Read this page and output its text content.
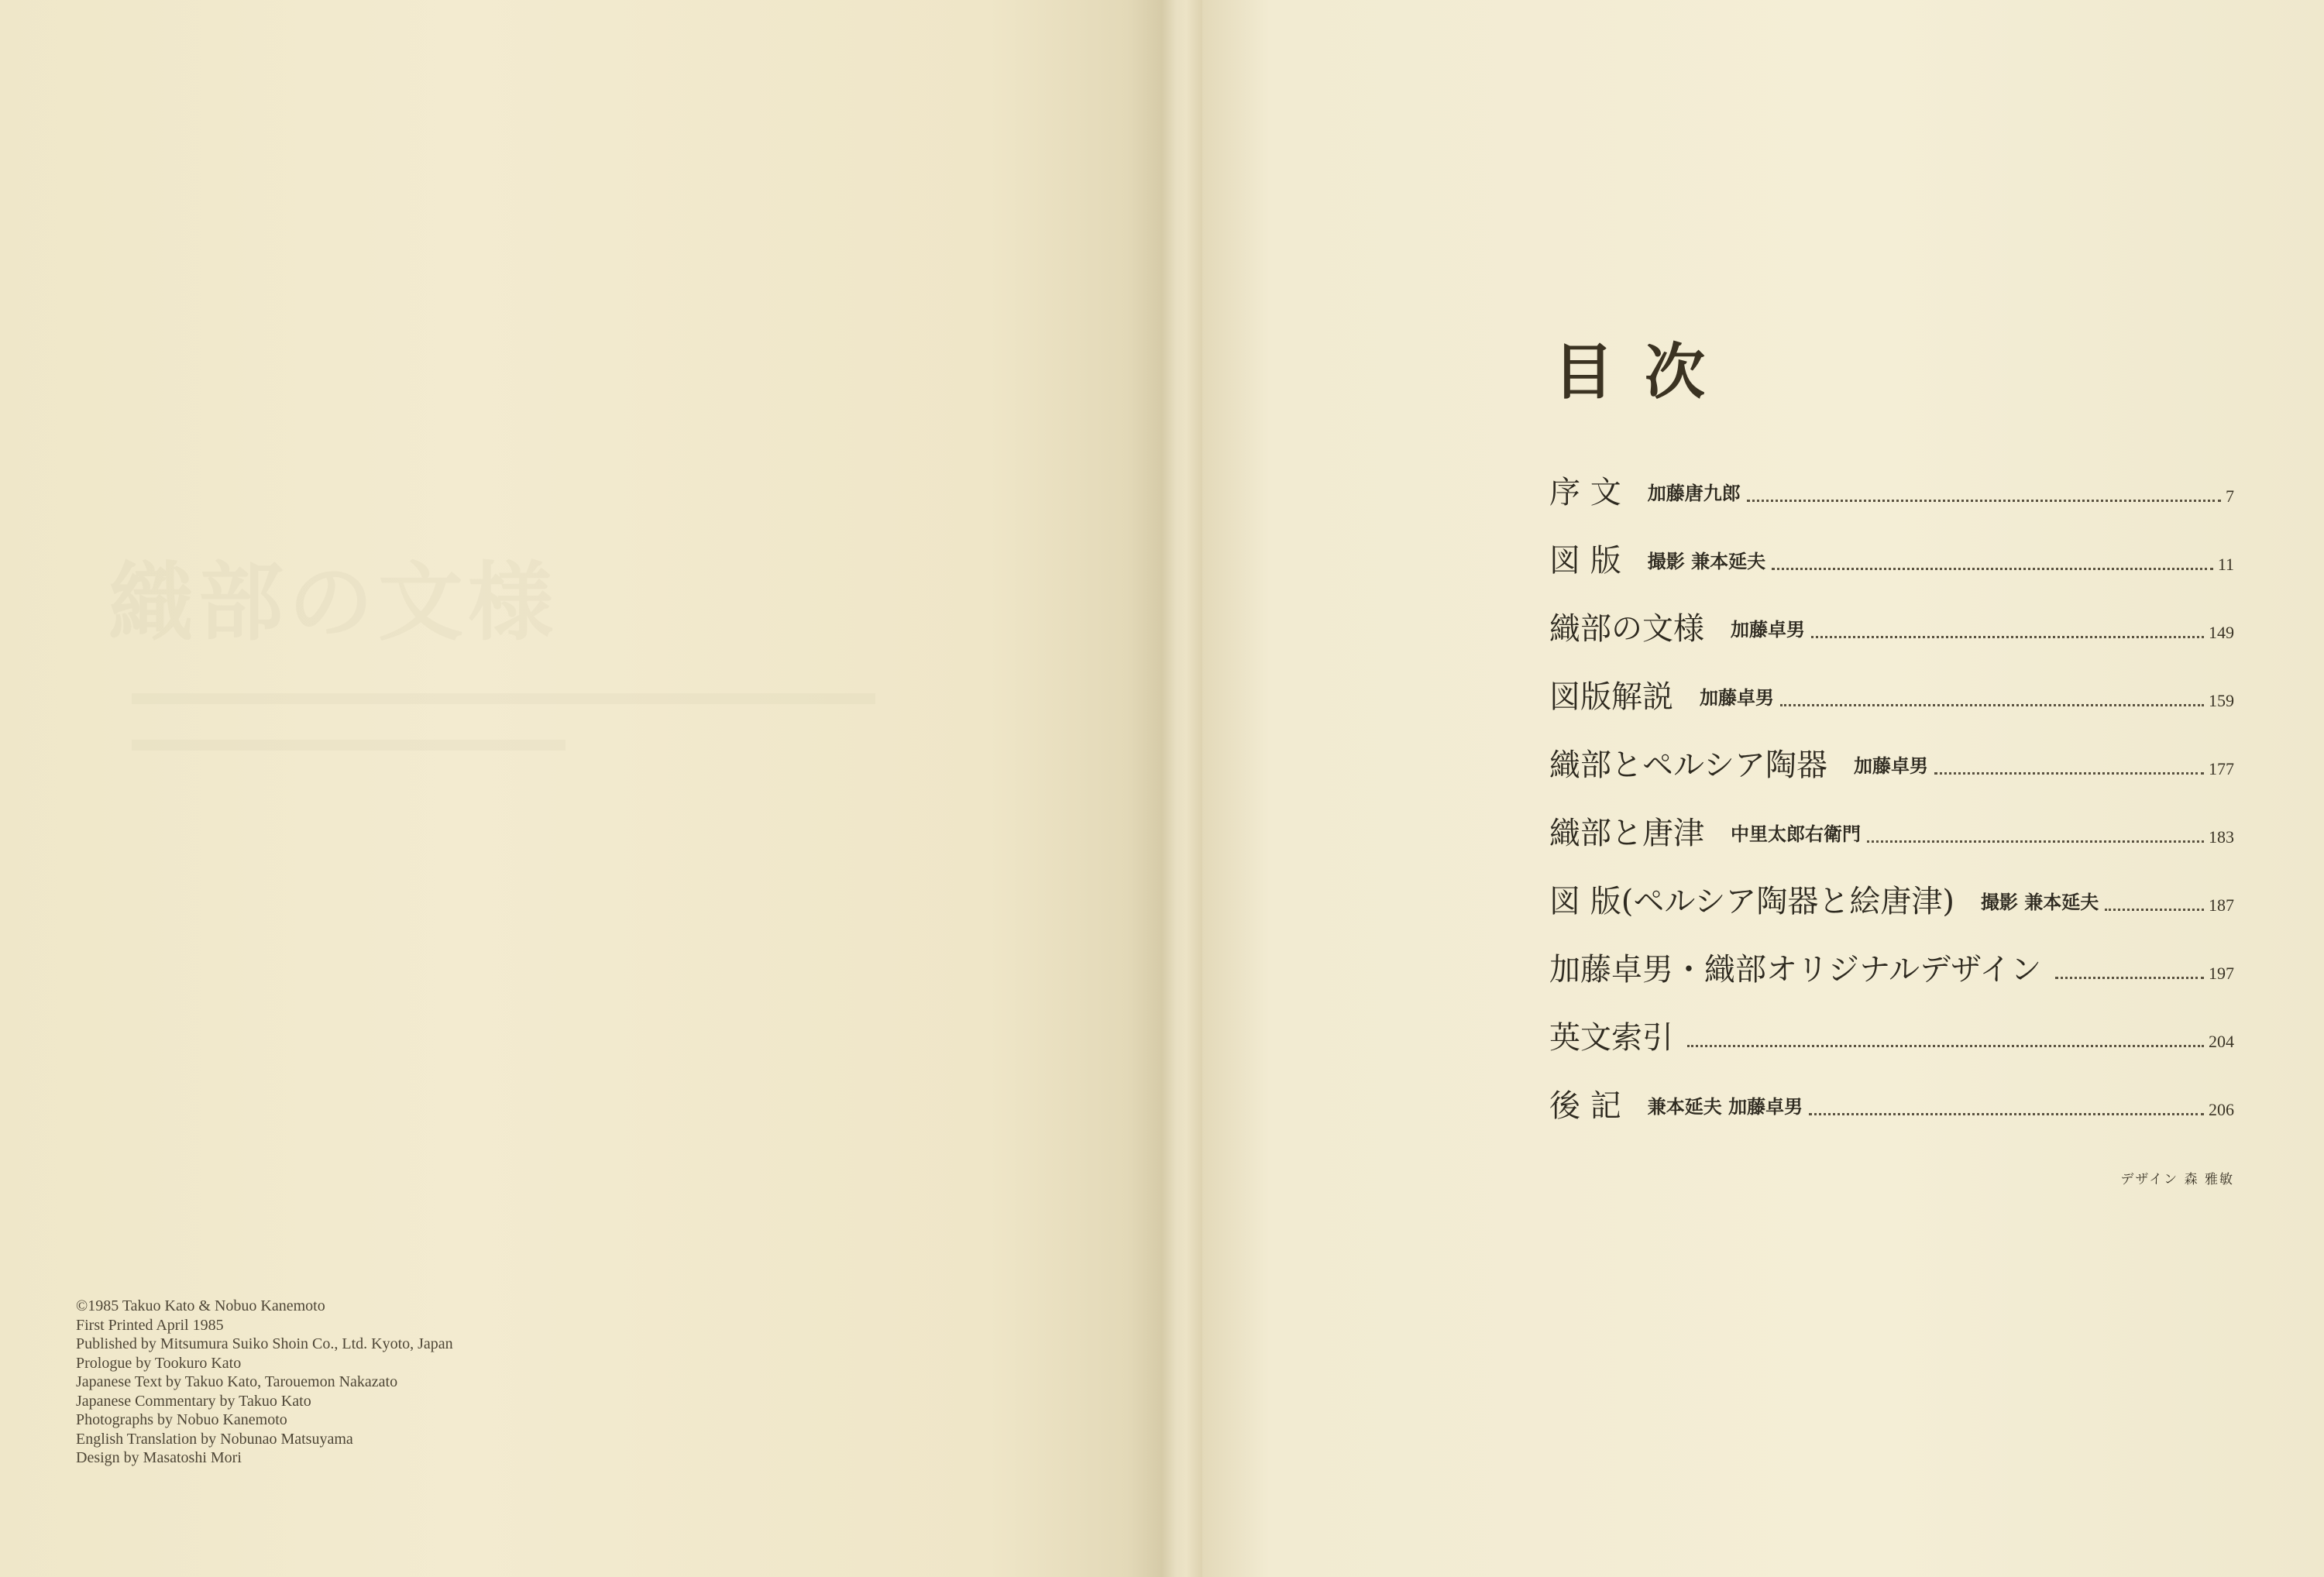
織部の文様
©1985 Takuo Kato & Nobuo Kanemoto
First Printed April 1985
Published by Mitsumura Suiko Shoin Co., Ltd. Kyoto, Japan
Prologue by Tookuro Kato
Japanese Text by Takuo Kato, Tarouemon Nakazato
Japanese Commentary by Takuo Kato
Photographs by Nobuo Kanemoto
English Translation by Nobunao Matsuyama
Design by Masatoshi Mori
目次
序 文 加藤唐九郎	7
図 版 撮影 兼本延夫	11
織部の文様 加藤卓男	149
図版解説 加藤卓男	159
織部とペルシア陶器 加藤卓男	177
織部と唐津 中里太郎右衛門	183
図 版(ペルシア陶器と絵唐津) 撮影 兼本延夫	187
加藤卓男・織部オリジナルデザイン	197
英文索引	204
後 記 兼本延夫 加藤卓男	206
デザイン 森 雅敏
